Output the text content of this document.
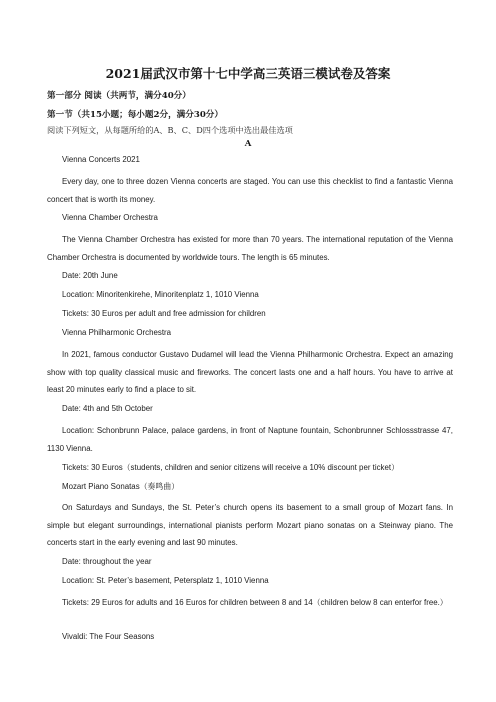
2021届武汉市第十七中学高三英语三模试卷及答案
第一部分 阅读（共两节，满分40分）
第一节（共15小题；每小题2分，满分30分）
阅读下列短文，从每题所给的A、B、C、D四个选项中选出最佳选项
A

Vienna Concerts 2021

Every day, one to three dozen Vienna concerts are staged. You can use this checklist to find a fantastic Vienna concert that is worth its money.

Vienna Chamber Orchestra

The Vienna Chamber Orchestra has existed for more than 70 years. The international reputation of the Vienna Chamber Orchestra is documented by worldwide tours. The length is 65 minutes.

Date: 20th June

Location: Minoritenkirehe, Minoritenplatz 1, 1010 Vienna

Tickets: 30 Euros per adult and free admission for children

Vienna Philharmonic Orchestra

In 2021, famous conductor Gustavo Dudamel will lead the Vienna Philharmonic Orchestra. Expect an amazing show with top quality classical music and fireworks. The concert lasts one and a half hours. You have to arrive at least 20 minutes early to find a place to sit.

Date: 4th and 5th October

Location: Schonbrunn Palace, palace gardens, in front of Naptune fountain, Schonbrunner Schlossstrasse 47, 1130 Vienna.

Tickets: 30 Euros（students, children and senior citizens will receive a 10% discount per ticket）

Mozart Piano Sonatas（奏鸣曲）

On Saturdays and Sundays, the St. Peter’s church opens its basement to a small group of Mozart fans. In simple but elegant surroundings, international pianists perform Mozart piano sonatas on a Steinway piano. The concerts start in the early evening and last 90 minutes.

Date: throughout the year

Location: St. Peter’s basement, Petersplatz 1, 1010 Vienna

Tickets: 29 Euros for adults and 16 Euros for children between 8 and 14（children below 8 can enterfor free.）

Vivaldi: The Four Seasons
